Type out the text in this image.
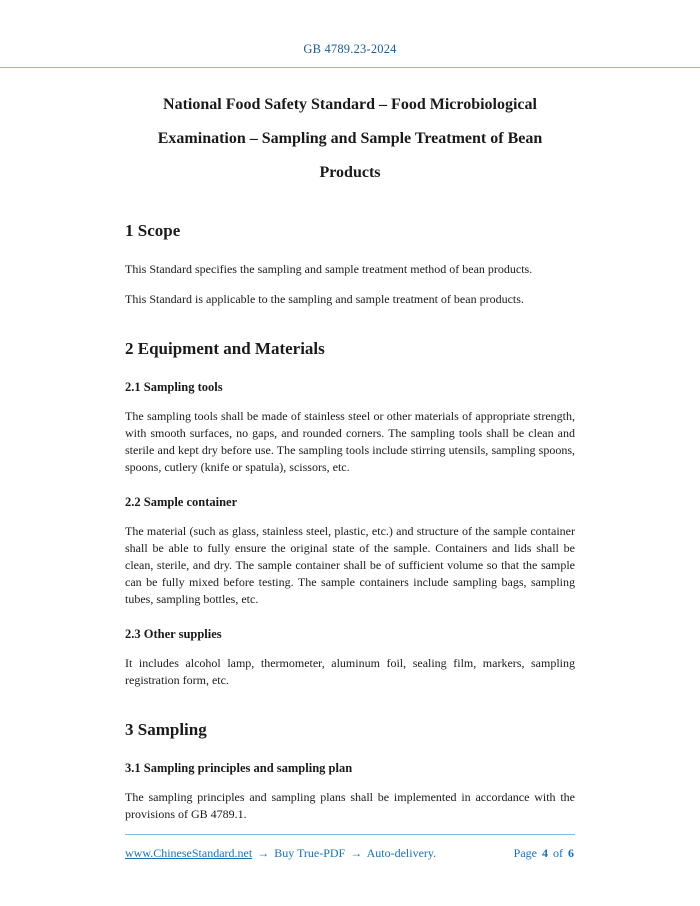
GB 4789.23-2024
National Food Safety Standard – Food Microbiological
Examination – Sampling and Sample Treatment of Bean
Products
1 Scope

This Standard specifies the sampling and sample treatment method of bean products.

This Standard is applicable to the sampling and sample treatment of bean products.

2 Equipment and Materials
2.1 Sampling tools

The sampling tools shall be made of stainless steel or other materials of appropriate strength, with smooth surfaces, no gaps, and rounded corners. The sampling tools shall be clean and sterile and kept dry before use. The sampling tools include stirring utensils, sampling spoons, spoons, cutlery (knife or spatula), scissors, etc.

2.2 Sample container

The material (such as glass, stainless steel, plastic, etc.) and structure of the sample container shall be able to fully ensure the original state of the sample. Containers and lids shall be clean, sterile, and dry. The sample container shall be of sufficient volume so that the sample can be fully mixed before testing. The sample containers include sampling bags, sampling tubes, sampling bottles, etc.

2.3 Other supplies

It includes alcohol lamp, thermometer, aluminum foil, sealing film, markers, sampling registration form, etc.

3 Sampling
3.1 Sampling principles and sampling plan

The sampling principles and sampling plans shall be implemented in accordance with the provisions of GB 4789.1.

www.ChineseStandard.net → Buy True-PDF → Auto-delivery.	Page 4 of 6
